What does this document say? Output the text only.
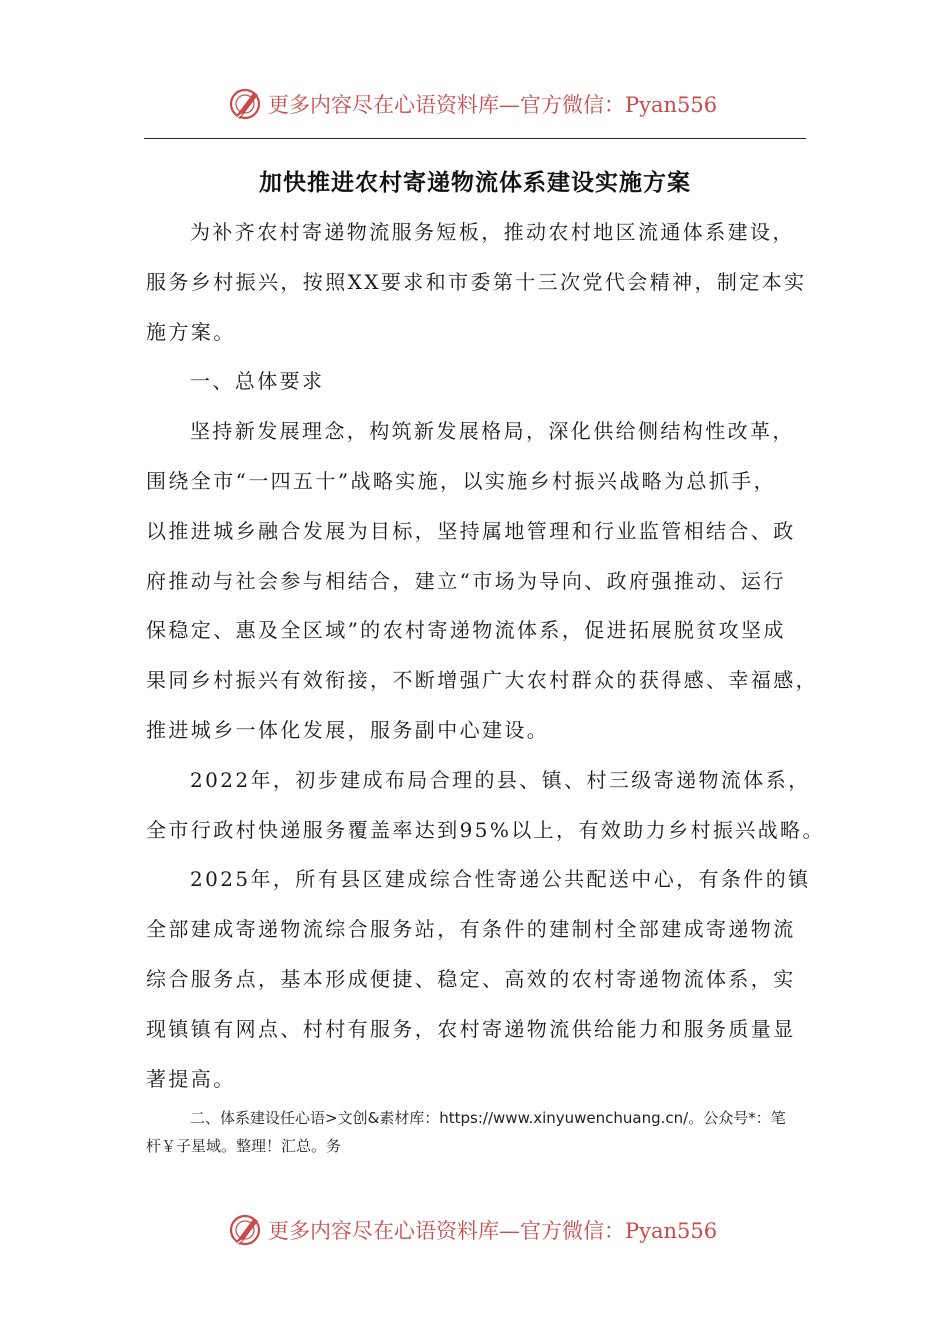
更多内容尽在心语资料库—官方微信：Pyan556
加快推进农村寄递物流体系建设实施方案

为补齐农村寄递物流服务短板，推动农村地区流通体系建设，
服务乡村振兴，按照XX要求和市委第十三次党代会精神，制定本实
施方案。

一、总体要求

坚持新发展理念，构筑新发展格局，深化供给侧结构性改革，
围绕全市“一四五十”战略实施，以实施乡村振兴战略为总抓手，
以推进城乡融合发展为目标，坚持属地管理和行业监管相结合、政
府推动与社会参与相结合，建立“市场为导向、政府强推动、运行
保稳定、惠及全区域”的农村寄递物流体系，促进拓展脱贫攻坚成
果同乡村振兴有效衔接，不断增强广大农村群众的获得感、幸福感，
推进城乡一体化发展，服务副中心建设。

2022年，初步建成布局合理的县、镇、村三级寄递物流体系，
全市行政村快递服务覆盖率达到95%以上，有效助力乡村振兴战略。

2025年，所有县区建成综合性寄递公共配送中心，有条件的镇
全部建成寄递物流综合服务站，有条件的建制村全部建成寄递物流
综合服务点，基本形成便捷、稳定、高效的农村寄递物流体系，实
现镇镇有网点、村村有服务，农村寄递物流供给能力和服务质量显
著提高。

二、体系建设任心语>文创&素材库：https://www.xinyuwenchuang.cn/。公众号*：笔
杆￥子星域。整理！汇总。务
更多内容尽在心语资料库—官方微信：Pyan556
